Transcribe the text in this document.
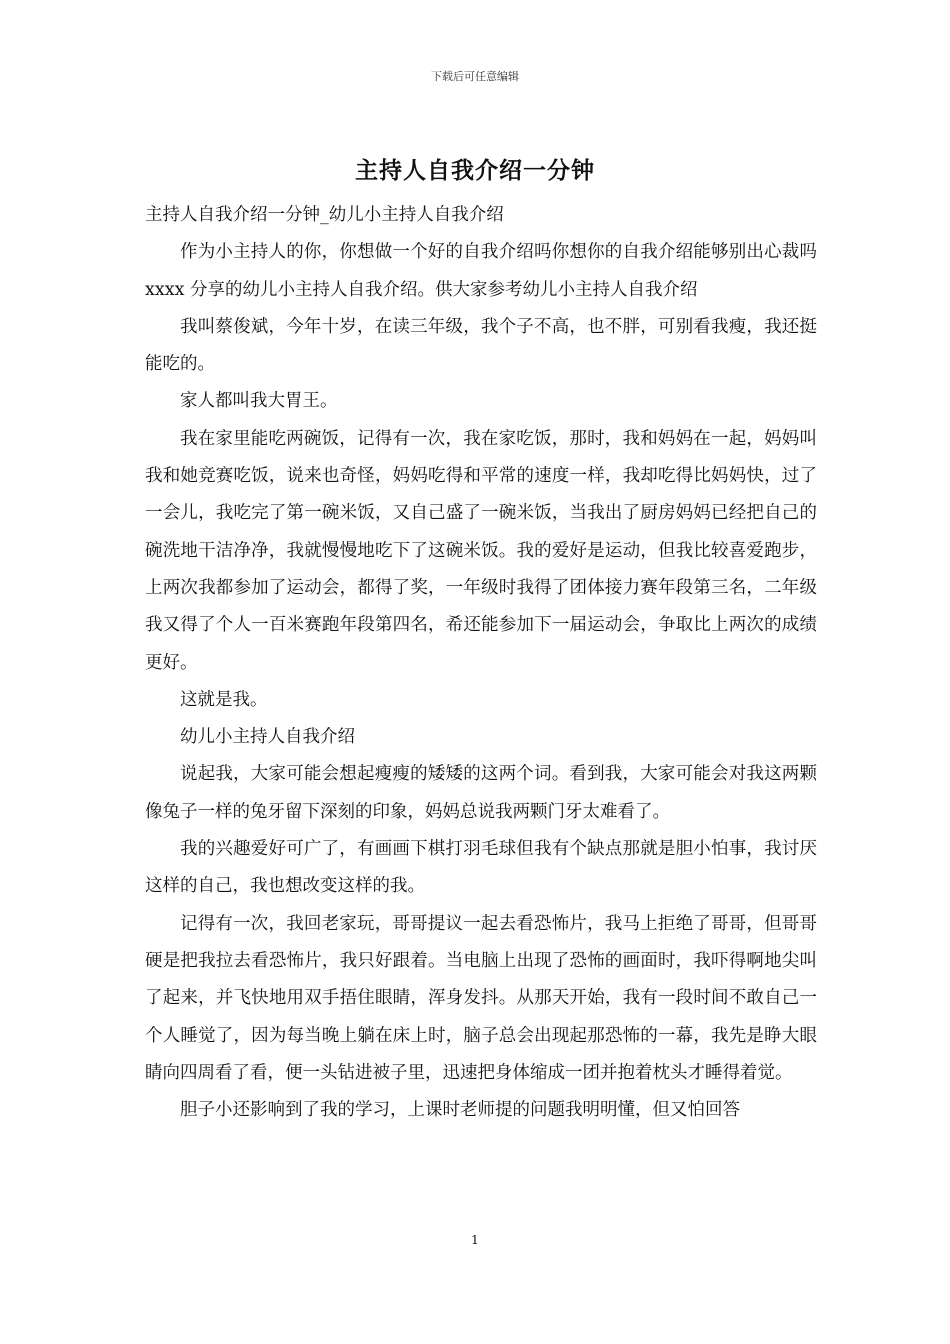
下载后可任意编辑
主持人自我介绍一分钟

主持人自我介绍一分钟_幼儿小主持人自我介绍

作为小主持人的你，你想做一个好的自我介绍吗你想你的自我介绍能够别出心裁吗 xxxx 分享的幼儿小主持人自我介绍。供大家参考幼儿小主持人自我介绍

我叫蔡俊斌，今年十岁，在读三年级，我个子不高，也不胖，可别看我瘦，我还挺能吃的。

家人都叫我大胃王。

我在家里能吃两碗饭，记得有一次，我在家吃饭，那时，我和妈妈在一起，妈妈叫我和她竞赛吃饭，说来也奇怪，妈妈吃得和平常的速度一样，我却吃得比妈妈快，过了一会儿，我吃完了第一碗米饭，又自己盛了一碗米饭，当我出了厨房妈妈已经把自己的碗洗地干洁净净，我就慢慢地吃下了这碗米饭。我的爱好是运动，但我比较喜爱跑步，上两次我都参加了运动会，都得了奖，一年级时我得了团体接力赛年段第三名，二年级我又得了个人一百米赛跑年段第四名，希还能参加下一届运动会，争取比上两次的成绩更好。

这就是我。

幼儿小主持人自我介绍

说起我，大家可能会想起瘦瘦的矮矮的这两个词。看到我，大家可能会对我这两颗像兔子一样的兔牙留下深刻的印象，妈妈总说我两颗门牙太难看了。

我的兴趣爱好可广了，有画画下棋打羽毛球但我有个缺点那就是胆小怕事，我讨厌这样的自己，我也想改变这样的我。

记得有一次，我回老家玩，哥哥提议一起去看恐怖片，我马上拒绝了哥哥，但哥哥硬是把我拉去看恐怖片，我只好跟着。当电脑上出现了恐怖的画面时，我吓得啊地尖叫了起来，并飞快地用双手捂住眼睛，浑身发抖。从那天开始，我有一段时间不敢自己一个人睡觉了，因为每当晚上躺在床上时，脑子总会出现起那恐怖的一幕，我先是睁大眼睛向四周看了看，便一头钻进被子里，迅速把身体缩成一团并抱着枕头才睡得着觉。

胆子小还影响到了我的学习，上课时老师提的问题我明明懂，但又怕回答

1
